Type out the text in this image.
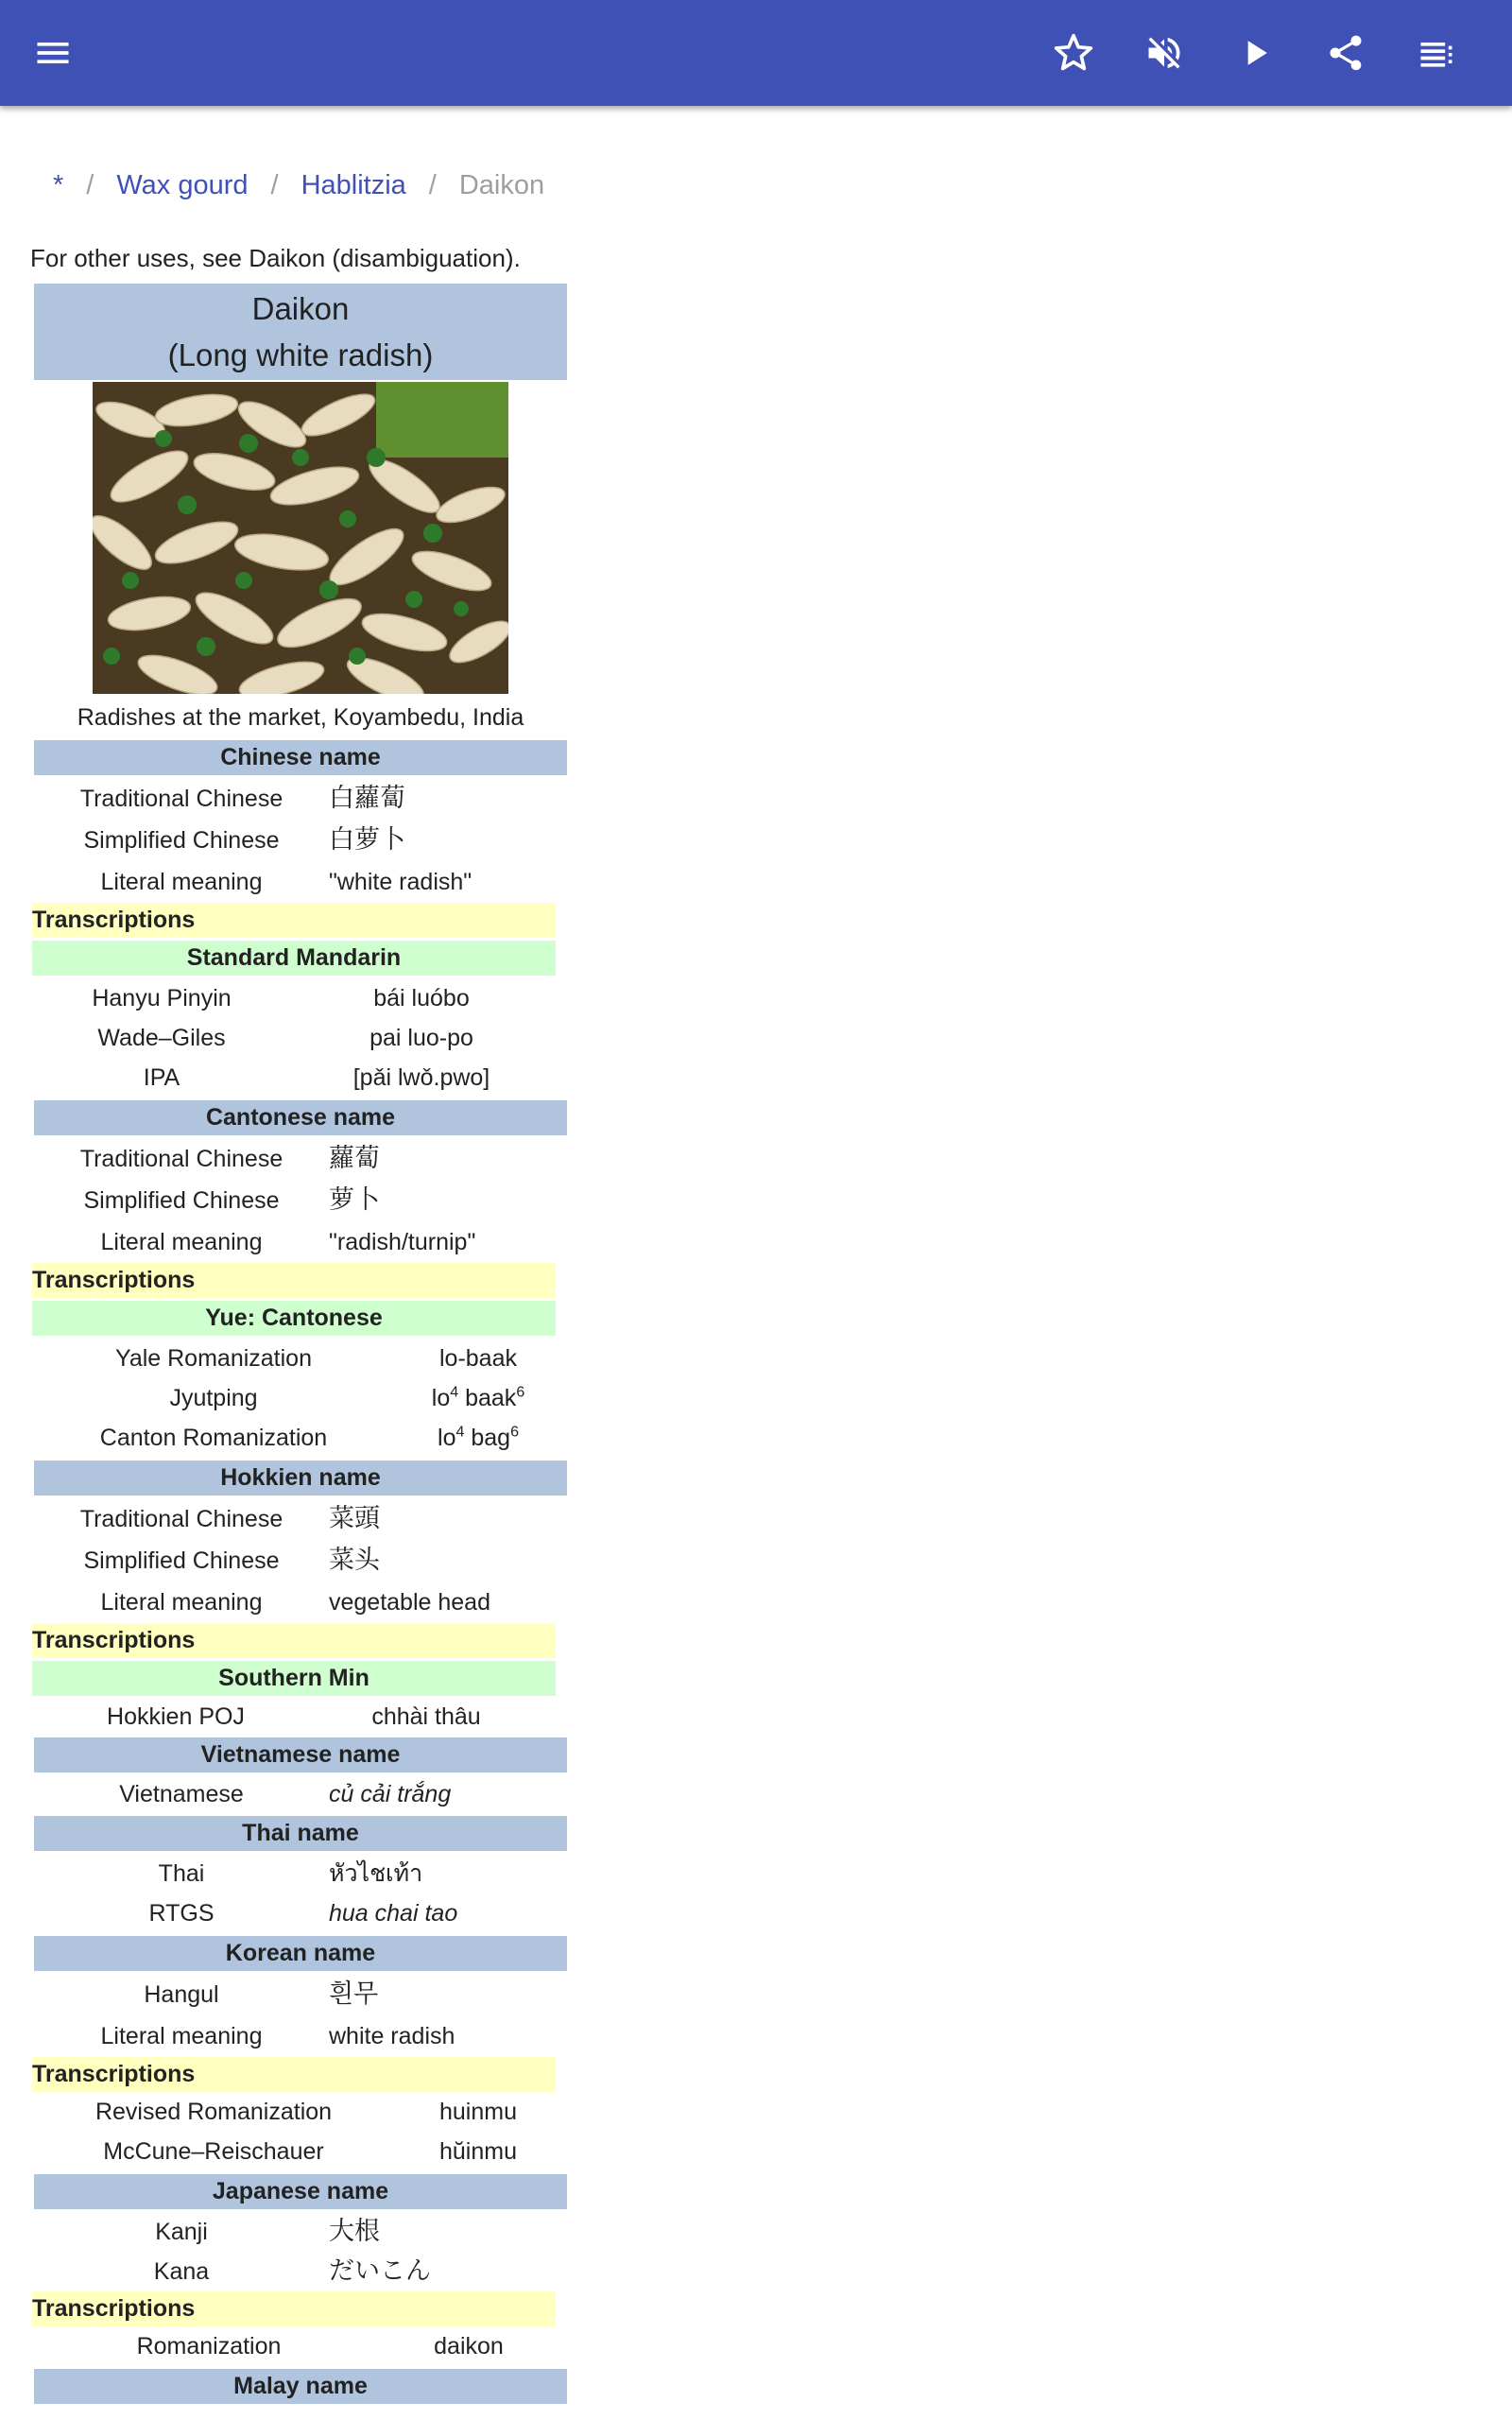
* / Wax gourd / Hablitzia / Daikon
For other uses, see Daikon (disambiguation).
Daikon
(Long white radish)
Radishes at the market, Koyambedu, India
Chinese name
Traditional Chinese	白蘿蔔
Simplified Chinese	白萝卜
Literal meaning	"white radish"
Transcriptions
Standard Mandarin
Hanyu Pinyin	bái luóbo
Wade–Giles	pai luo-po
IPA	[pǎi lwǒ.pwo]
Cantonese name
Traditional Chinese	蘿蔔
Simplified Chinese	萝卜
Literal meaning	"radish/turnip"
Transcriptions
Yue: Cantonese
Yale Romanization	lo-baak
Jyutping	$lo^4$ baak$^6$
Canton Romanization	$lo^4$ bag$^6$
Hokkien name
Traditional Chinese	菜頭
Simplified Chinese	菜头
Literal meaning	vegetable head
Transcriptions
Southern Min
Hokkien POJ	chhài thâu
Vietnamese name
Vietnamese	củ cải trắng
Thai name
Thai	หัวไชเท้า
RTGS	hua chai tao
Korean name
Hangul	흰무
Literal meaning	white radish
Transcriptions
Revised Romanization	huinmu
McCune–Reischauer	hŭinmu
Japanese name
Kanji	大根
Kana	だいこん
Transcriptions
Romanization	daikon
Malay name
